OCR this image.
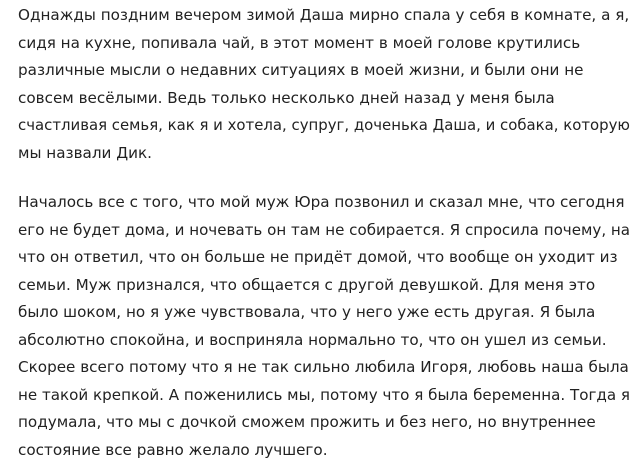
Однажды поздним вечером зимой Даша мирно спала у себя в комнате, а я,
сидя на кухне, попивала чай, в этот момент в моей голове крутились
различные мысли о недавних ситуациях в моей жизни, и были они не
совсем весёлыми. Ведь только несколько дней назад у меня была
счастливая семья, как я и хотела, супруг, доченька Даша, и собака, которую
мы назвали Дик.

Началось все с того, что мой муж Юра позвонил и сказал мне, что сегодня
его не будет дома, и ночевать он там не собирается. Я спросила почему, на
что он ответил, что он больше не придёт домой, что вообще он уходит из
семьи. Муж признался, что общается с другой девушкой. Для меня это
было шоком, но я уже чувствовала, что у него уже есть другая. Я была
абсолютно спокойна, и восприняла нормально то, что он ушел из семьи.
Скорее всего потому что я не так сильно любила Игоря, любовь наша была
не такой крепкой. А поженились мы, потому что я была беременна. Тогда я
подумала, что мы с дочкой сможем прожить и без него, но внутреннее
состояние все равно желало лучшего.
